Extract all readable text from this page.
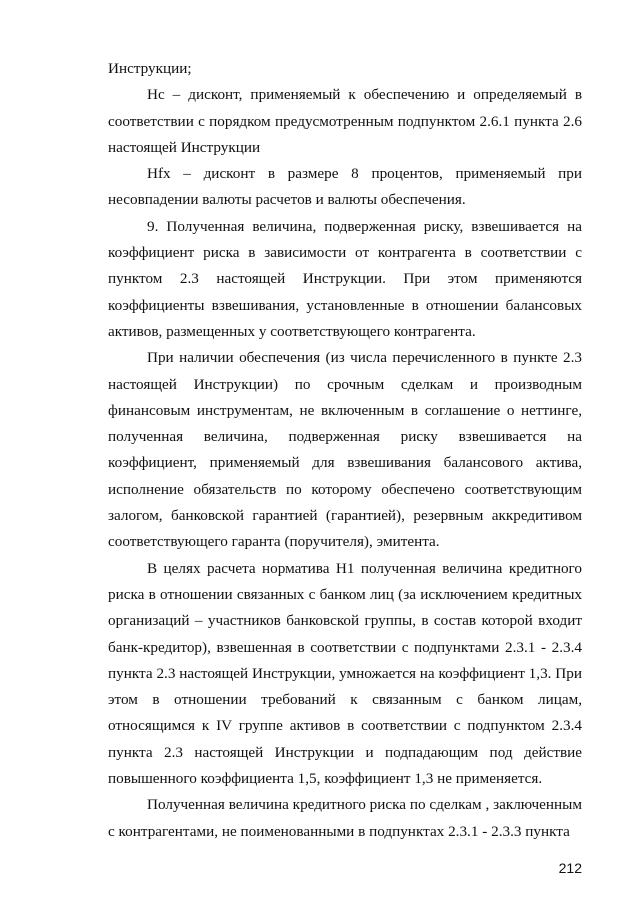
Инструкции;

Hc – дисконт, применяемый к обеспечению и определяемый в соответствии с порядком предусмотренным подпунктом 2.6.1 пункта 2.6 настоящей Инструкции

Hfx – дисконт в размере 8 процентов, применяемый при несовпадении валюты расчетов и валюты обеспечения.

9. Полученная величина, подверженная риску, взвешивается на коэффициент риска в зависимости от контрагента в соответствии с пунктом 2.3 настоящей Инструкции. При этом применяются коэффициенты взвешивания, установленные в отношении балансовых активов, размещенных у соответствующего контрагента.

При наличии обеспечения (из числа перечисленного в пункте 2.3 настоящей Инструкции) по срочным сделкам и производным финансовым инструментам, не включенным в соглашение о неттинге, полученная величина, подверженная риску взвешивается на коэффициент, применяемый для взвешивания балансового актива, исполнение обязательств по которому обеспечено соответствующим залогом, банковской гарантией (гарантией), резервным аккредитивом соответствующего гаранта (поручителя), эмитента.

В целях расчета норматива Н1 полученная величина кредитного риска в отношении связанных с банком лиц (за исключением кредитных организаций – участников банковской группы, в состав которой входит банк-кредитор), взвешенная в соответствии с подпунктами 2.3.1 - 2.3.4 пункта 2.3 настоящей Инструкции, умножается на коэффициент 1,3. При этом в отношении требований к связанным с банком лицам, относящимся к IV группе активов в соответствии с подпунктом 2.3.4 пункта 2.3 настоящей Инструкции и подпадающим под действие повышенного коэффициента 1,5, коэффициент 1,3 не применяется.

Полученная величина кредитного риска по сделкам , заключенным с контрагентами, не поименованными в подпунктах 2.3.1 - 2.3.3 пункта

212
